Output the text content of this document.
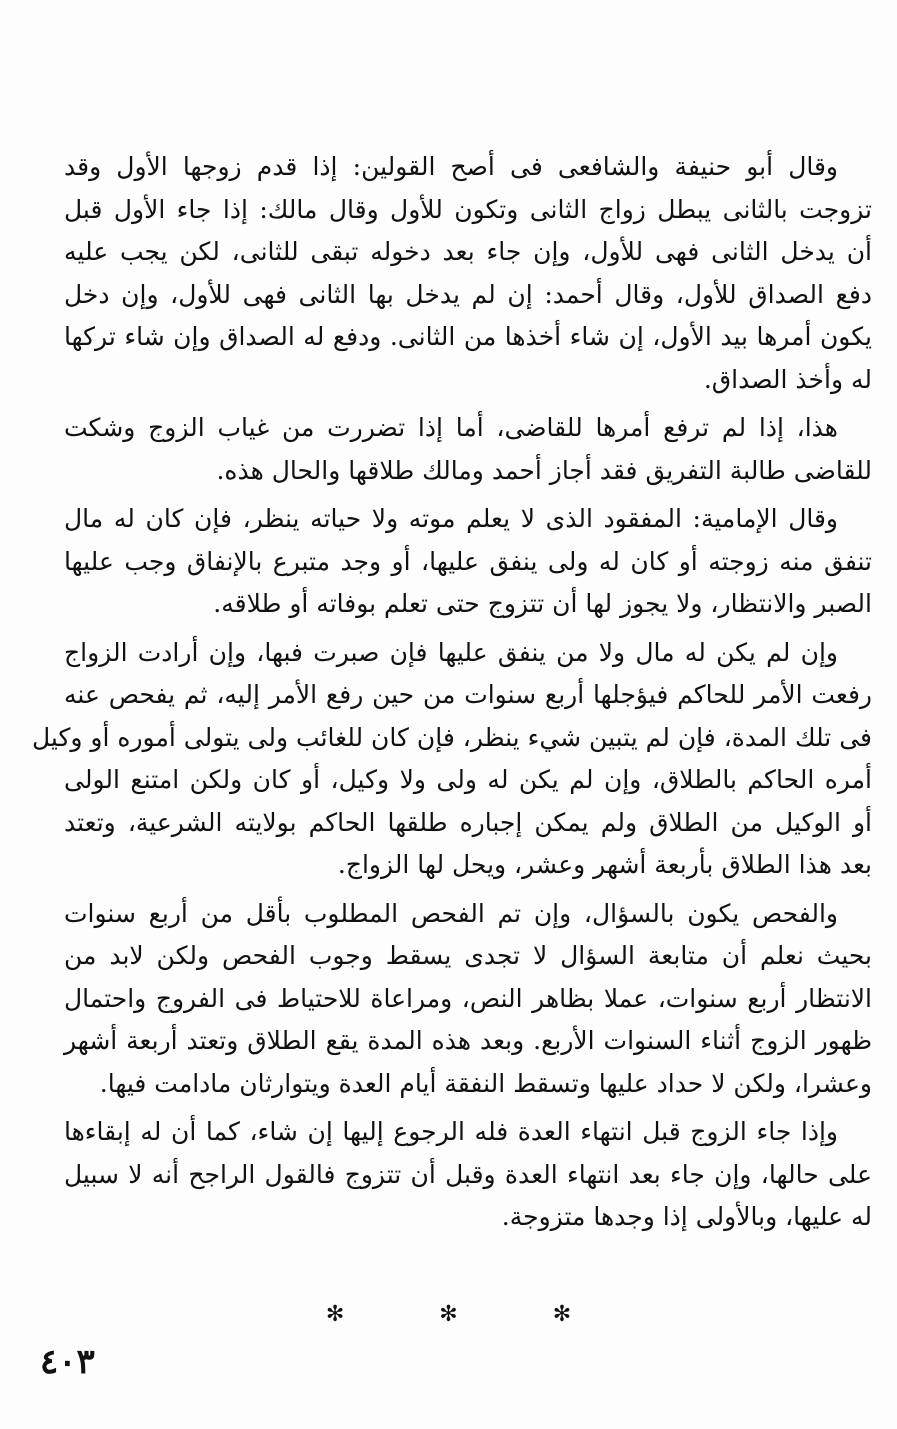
وقال أبو حنيفة والشافعى فى أصح القولين: إذا قدم زوجها الأول وقد
تزوجت بالثانى يبطل زواج الثانى وتكون للأول وقال مالك: إذا جاء الأول قبل
أن يدخل الثانى فهى للأول، وإن جاء بعد دخوله تبقى للثانى، لكن يجب عليه
دفع الصداق للأول، وقال أحمد: إن لم يدخل بها الثانى فهى للأول، وإن دخل
يكون أمرها بيد الأول، إن شاء أخذها من الثانى. ودفع له الصداق وإن شاء تركها
له وأخذ الصداق.
هذا، إذا لم ترفع أمرها للقاضى، أما إذا تضررت من غياب الزوج وشكت
للقاضى طالبة التفريق فقد أجاز أحمد ومالك طلاقها والحال هذه.
وقال الإمامية: المفقود الذى لا يعلم موته ولا حياته ينظر، فإن كان له مال
تنفق منه زوجته أو كان له ولى ينفق عليها، أو وجد متبرع بالإنفاق وجب عليها
الصبر والانتظار، ولا يجوز لها أن تتزوج حتى تعلم بوفاته أو طلاقه.
وإن لم يكن له مال ولا من ينفق عليها فإن صبرت فبها، وإن أرادت الزواج
رفعت الأمر للحاكم فيؤجلها أربع سنوات من حين رفع الأمر إليه، ثم يفحص عنه
فى تلك المدة، فإن لم يتبين شيء ينظر، فإن كان للغائب ولى يتولى أموره أو وكيل
أمره الحاكم بالطلاق، وإن لم يكن له ولى ولا وكيل، أو كان ولكن امتنع الولى
أو الوكيل من الطلاق ولم يمكن إجباره طلقها الحاكم بولايته الشرعية، وتعتد
بعد هذا الطلاق بأربعة أشهر وعشر، ويحل لها الزواج.
والفحص يكون بالسؤال، وإن تم الفحص المطلوب بأقل من أربع سنوات
بحيث نعلم أن متابعة السؤال لا تجدى يسقط وجوب الفحص ولكن لابد من
الانتظار أربع سنوات، عملا بظاهر النص، ومراعاة للاحتياط فى الفروج واحتمال
ظهور الزوج أثناء السنوات الأربع. وبعد هذه المدة يقع الطلاق وتعتد أربعة أشهر
وعشرا، ولكن لا حداد عليها وتسقط النفقة أيام العدة ويتوارثان مادامت فيها.
وإذا جاء الزوج قبل انتهاء العدة فله الرجوع إليها إن شاء، كما أن له إبقاءها
على حالها، وإن جاء بعد انتهاء العدة وقبل أن تتزوج فالقول الراجح أنه لا سبيل
له عليها، وبالأولى إذا وجدها متزوجة.
✻ ✻ ✻
٤٠٣
